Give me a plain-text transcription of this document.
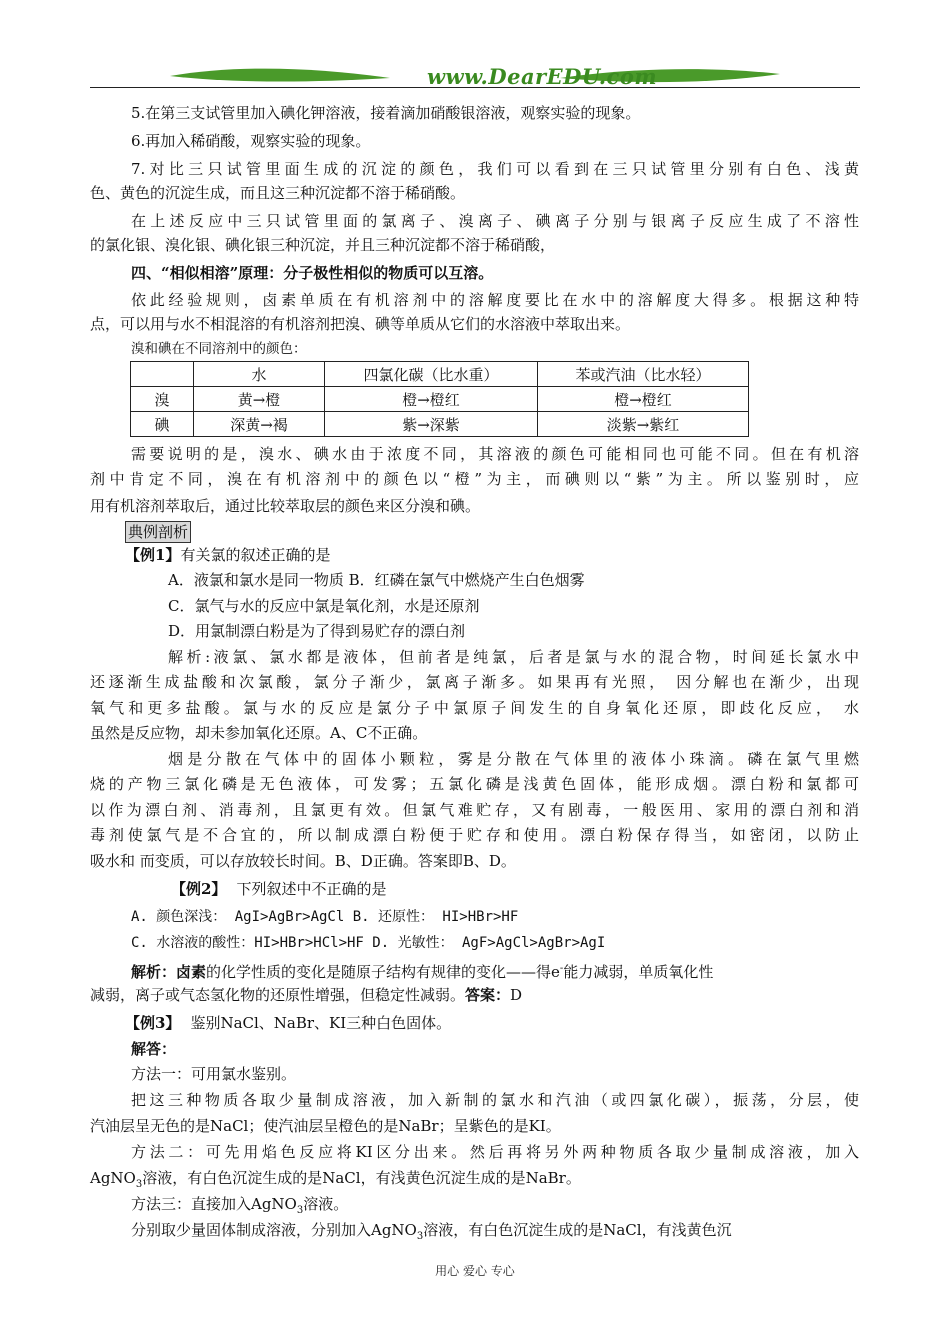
www.DearEDU.com
5.在第三支试管里加入碘化钾溶液，接着滴加硝酸银溶液，观察实验的现象。
6.再加入稀硝酸，观察实验的现象。
7.对比三只试管里面生成的沉淀的颜色，我们可以看到在三只试管里分别有白色、浅黄
色、黄色的沉淀生成，而且这三种沉淀都不溶于稀硝酸。
在上述反应中三只试管里面的氯离子、溴离子、碘离子分别与银离子反应生成了不溶性
的氯化银、溴化银、碘化银三种沉淀，并且三种沉淀都不溶于稀硝酸，
四、“相似相溶”原理：分子极性相似的物质可以互溶。
依此经验规则，卤素单质在有机溶剂中的溶解度要比在水中的溶解度大得多。根据这种特
点，可以用与水不相混溶的有机溶剂把溴、碘等单质从它们的水溶液中萃取出来。
溴和碘在不同溶剂中的颜色：
	水	四氯化碳（比水重）	苯或汽油（比水轻）
溴	黄→橙	橙→橙红	橙→橙红
碘	深黄→褐	紫→深紫	淡紫→紫红
需要说明的是，溴水、碘水由于浓度不同，其溶液的颜色可能相同也可能不同。但在有机溶
剂中肯定不同，溴在有机溶剂中的颜色以“橙”为主，而碘则以“紫”为主。所以鉴别时，应
用有机溶剂萃取后，通过比较萃取层的颜色来区分溴和碘。
典例剖析
【例1】有关氯的叙述正确的是
A．液氯和氯水是同一物质 B．红磷在氯气中燃烧产生白色烟雾
C．氯气与水的反应中氯是氧化剂，水是还原剂
D．用氯制漂白粉是为了得到易贮存的漂白剂
解析:液氯、氯水都是液体，但前者是纯氯，后者是氯与水的混合物，时间延长氯水中
还逐渐生成盐酸和次氯酸，氯分子渐少，氯离子渐多。如果再有光照， 因分解也在渐少，出现
氧气和更多盐酸。氯与水的反应是氯分子中氯原子间发生的自身氧化还原，即歧化反应， 水
虽然是反应物，却未参加氧化还原。A、C不正确。
烟是分散在气体中的固体小颗粒，雾是分散在气体里的液体小珠滴。磷在氯气里燃
烧的产物三氯化磷是无色液体，可发雾；五氯化磷是浅黄色固体，能形成烟。漂白粉和氯都可
以作为漂白剂、消毒剂，且氯更有效。但氯气难贮存，又有剧毒，一般医用、家用的漂白剂和消
毒剂使氯气是不合宜的，所以制成漂白粉便于贮存和使用。漂白粉保存得当，如密闭，以防止
吸水和 而变质，可以存放较长时间。B、D正确。答案即B、D。
【例2】 下列叙述中不正确的是
A. 颜色深浅： AgI>AgBr>AgCl B. 还原性： HI>HBr>HF
C. 水溶液的酸性：HI>HBr>HCl>HF D. 光敏性： AgF>AgCl>AgBr>AgI
解析：卤素的化学性质的变化是随原子结构有规律的变化——得e-能力减弱，单质氧化性
减弱，离子或气态氢化物的还原性增强，但稳定性减弱。答案：D
【例3】 鉴别NaCl、NaBr、KI三种白色固体。
解答：
方法一：可用氯水鉴别。
把这三种物质各取少量制成溶液，加入新制的氯水和汽油（或四氯化碳），振荡，分层，使
汽油层呈无色的是NaCl；使汽油层呈橙色的是NaBr；呈紫色的是KI。
方法二：可先用焰色反应将KI区分出来。然后再将另外两种物质各取少量制成溶液，加入
AgNO$_3$溶液，有白色沉淀生成的是NaCl，有浅黄色沉淀生成的是NaBr。
方法三：直接加入AgNO$_3$溶液。
分别取少量固体制成溶液，分别加入AgNO$_3$溶液，有白色沉淀生成的是NaCl，有浅黄色沉
用心 爱心 专心
